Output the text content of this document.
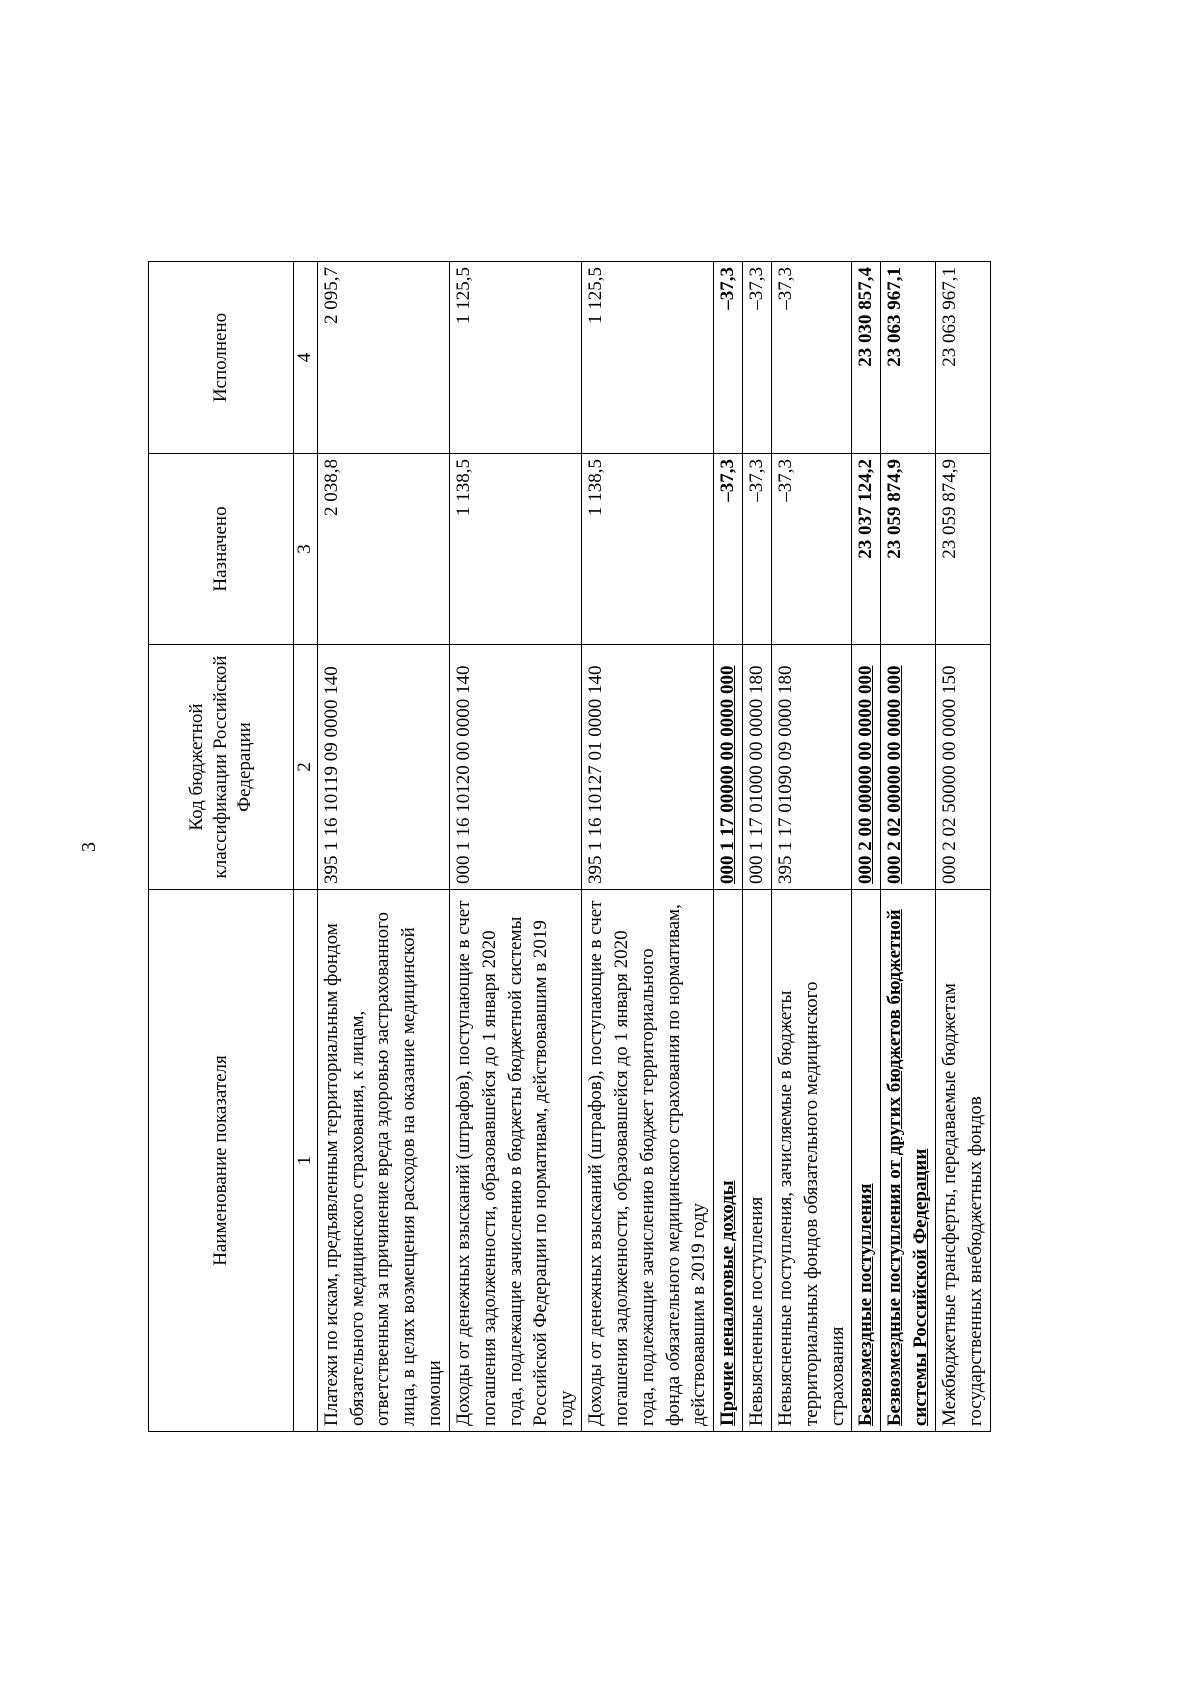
3
Наименование показателя	Код бюджетной классификации Российской Федерации	Назначено	Исполнено
1	2	3	4
Платежи по искам, предъявленным территориальным фондом обязательного медицинского страхования, к лицам, ответственным за причинение вреда здоровью застрахованного лица, в целях возмещения расходов на оказание медицинской помощи	395 1 16 10119 09 0000 140	2 038,8	2 095,7
Доходы от денежных взысканий (штрафов), поступающие в счет погашения задолженности, образовавшейся до 1 января 2020 года, подлежащие зачислению в бюджеты бюджетной системы Российской Федерации по нормативам, действовавшим в 2019 году	000 1 16 10120 00 0000 140	1 138,5	1 125,5
Доходы от денежных взысканий (штрафов), поступающие в счет погашения задолженности, образовавшейся до 1 января 2020 года, подлежащие зачислению в бюджет территориального фонда обязательного медицинского страхования по нормативам, действовавшим в 2019 году	395 1 16 10127 01 0000 140	1 138,5	1 125,5
Прочие неналоговые доходы	000 1 17 00000 00 0000 000	–37,3	–37,3
Невыясненные поступления	000 1 17 01000 00 0000 180	–37,3	–37,3
Невыясненные поступления, зачисляемые в бюджеты территориальных фондов обязательного медицинского страхования	395 1 17 01090 09 0000 180	–37,3	–37,3
Безвозмездные поступления	000 2 00 00000 00 0000 000	23 037 124,2	23 030 857,4
Безвозмездные поступления от других бюджетов бюджетной системы Российской Федерации	000 2 02 00000 00 0000 000	23 059 874,9	23 063 967,1
Межбюджетные трансферты, передаваемые бюджетам государственных внебюджетных фондов	000 2 02 50000 00 0000 150	23 059 874,9	23 063 967,1
